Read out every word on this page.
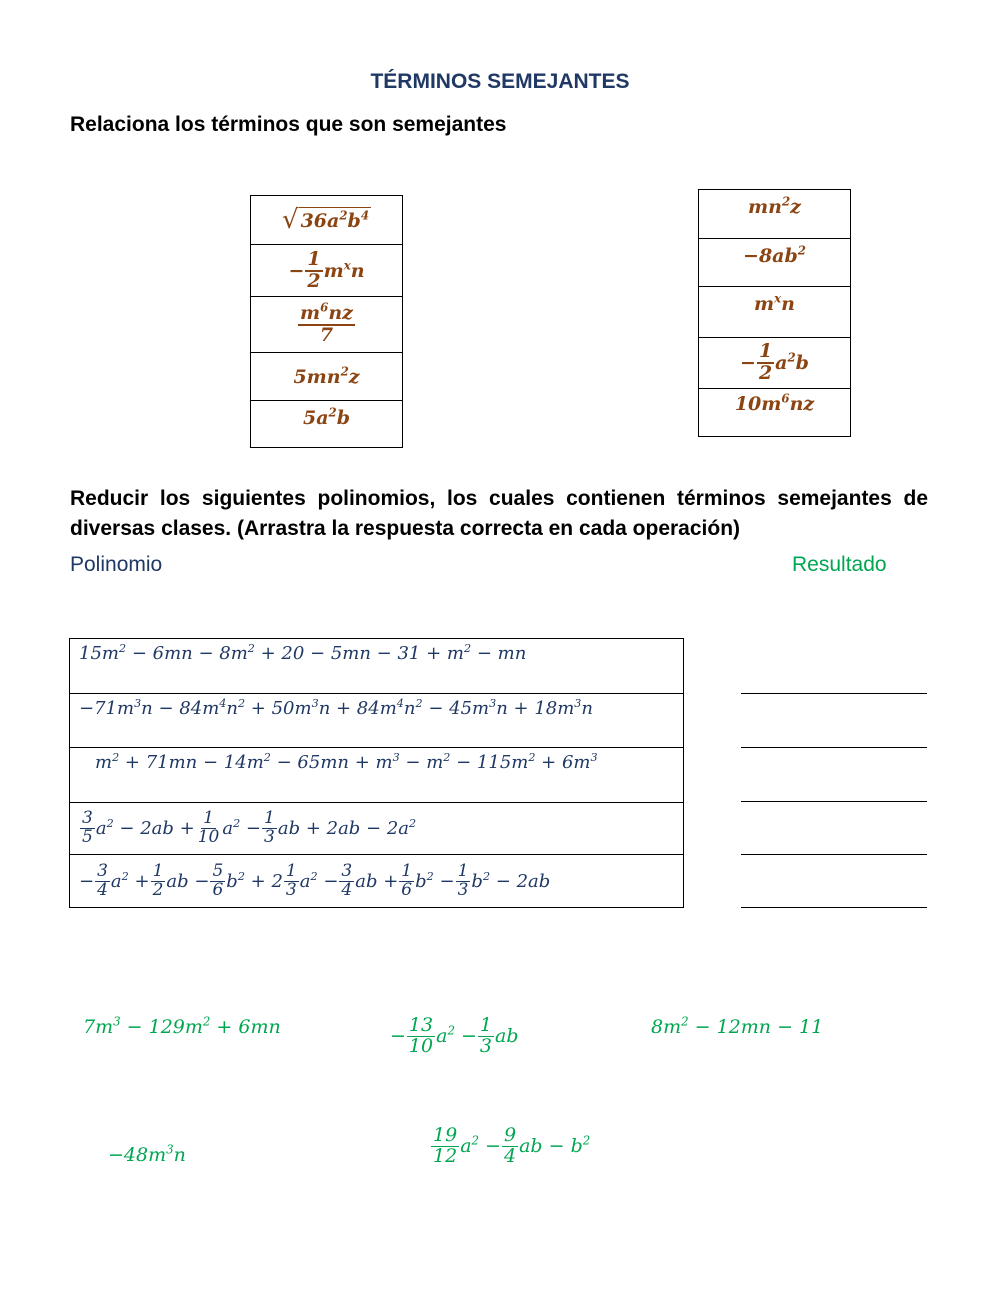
TÉRMINOS SEMEJANTES
Relaciona los términos que son semejantes
√ $36a^2b^4$
− $\frac{1}{2} m^xn$
$\frac{m^6nz}{7}$
$5mn^2z$
$5a^2b$
$mn^2z$
$-8ab^2$
$m^xn$
− $\frac{1}{2} a^2b$
$10m^6nz$
Reducir los siguientes polinomios, los cuales contienen términos semejantes de diversas clases. (Arrastra la respuesta correcta en cada operación)
Polinomio	Resultado
$15m^2 - 6mn - 8m^2 + 20 - 5mn - 31 + m^2$ − mn
$-71m^3n - 84m^4n^2 + 50m^3n + 84m^4n^2 - 45m^3n + 18m^3n$
$m^2 + 71mn - 14m^2 - 65mn + m^3 - m^2 - 115m^2 + 6m^3$
$\frac{3}{5} a^2 - 2ab + \frac{1}{10} a^2 - \frac{1}{3}$ ab + $2ab - 2a^2$
− $\frac{3}{4} a^2 + \frac{1}{2}$ ab − $\frac{5}{6} b^2 + 2 \frac{1}{3} a^2 - \frac{3}{4}$ ab + $\frac{1}{6} b^2 - \frac{1}{3} b^2 - 2ab$
$7m^3 - 129m^2 + 6mn$	− $\frac{13}{10} a^2 - \frac{1}{3}$ ab	$8m^2 - 12mn - 11$
$-48m^3n$	$\frac{19}{12} a^2 - \frac{9}{4}$ ab − $b^2$
